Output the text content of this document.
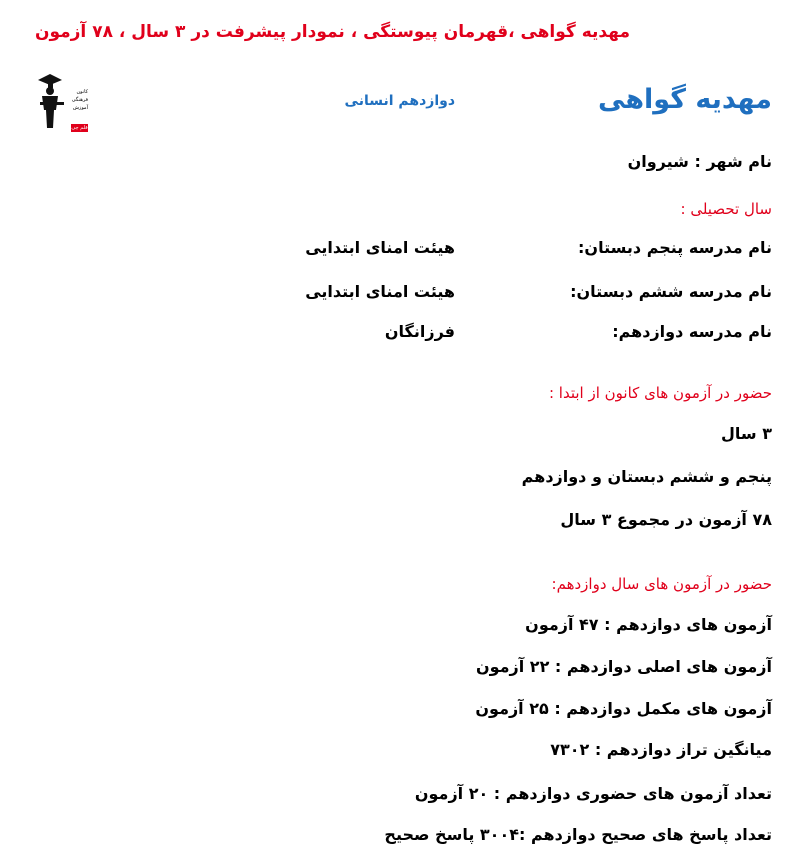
مهدیه گواهی ،قهرمان پیوستگی ، نمودار پیشرفت در ۳ سال ، ۷۸ آزمون
کانون
فرهنگی
آموزش
قلم چی
مهدیه گواهی
دوازدهم انسانی
نام شهر : شیروان
سال تحصیلی :
نام مدرسه پنجم دبستان:
هیئت امنای ابتدایی
نام مدرسه ششم دبستان:
هیئت امنای ابتدایی
نام مدرسه دوازدهم:
فرزانگان
حضور در آزمون های کانون از ابتدا :
۳ سال
پنجم و ششم دبستان و دوازدهم
۷۸ آزمون در مجموع ۳ سال
حضور در آزمون های سال دوازدهم:
آزمون های دوازدهم : ۴۷ آزمون
آزمون های اصلی دوازدهم : ۲۲ آزمون
آزمون های مکمل دوازدهم : ۲۵ آزمون
میانگین تراز دوازدهم : ۷۳۰۲
تعداد آزمون های حضوری دوازدهم : ۲۰ آزمون
تعداد پاسخ های صحیح دوازدهم :۳۰۰۴ پاسخ صحیح
